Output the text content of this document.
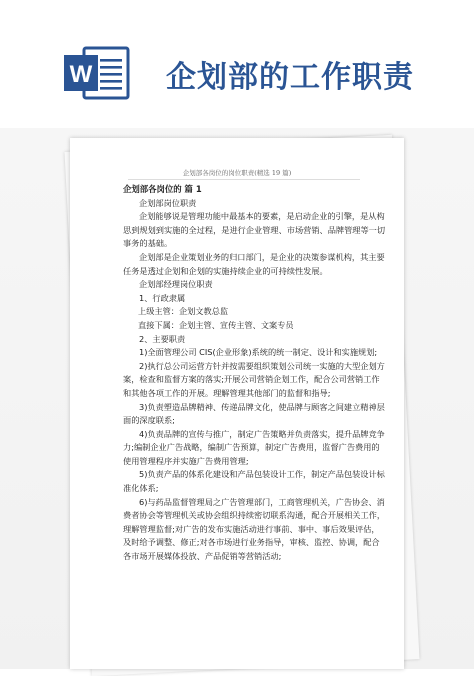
W 企划部的工作职责
企划部各岗位的岗位职责(精选 19 篇)

企划部各岗位的 篇 1

企划部岗位职责

企划能够说是管理功能中最基本的要素，是启动企业的引擎，是从构思到规划到实施的全过程，是进行企业管理、市场营销、品牌管理等一切事务的基础。

企划部是企业策划业务的归口部门，是企业的决策参谋机构，其主要任务是透过企划和企划的实施持续企业的可持续性发展。

企划部经理岗位职责

1、行政隶属

上级主管：企划文教总监

直接下属：企划主管、宣传主管、文案专员

2、主要职责

1)全面管理公司 CIS(企业形象)系统的统一制定、设计和实施规划;

2)执行总公司运营方针并按需要组织策划公司统一实施的大型企划方案，检查和监督方案的落实;开展公司营销企划工作，配合公司营销工作和其他各项工作的开展。理解管理其他部门的监督和指导;

3)负责塑造品牌精神、传递品牌文化，使品牌与顾客之间建立精神层面的深度联系;

4)负责品牌的宣传与推广，制定广告策略并负责落实，提升品牌竞争力;编制企业广告战略，编制广告预算，制定广告费用，监督广告费用的使用管理程序并实施广告费用管理;

5)负责产品的体系化建设和产品包装设计工作，制定产品包装设计标准化体系;

6)与药品监督管理局之广告管理部门，工商管理机关，广告协会、消费者协会等管理机关或协会组织持续密切联系沟通，配合开展相关工作，理解管理监督;对广告的发布实施活动进行事前、事中、事后效果评估，及时给予调整、修正;对各市场进行业务指导，审核、监控、协调，配合各市场开展媒体投放、产品促销等营销活动;
